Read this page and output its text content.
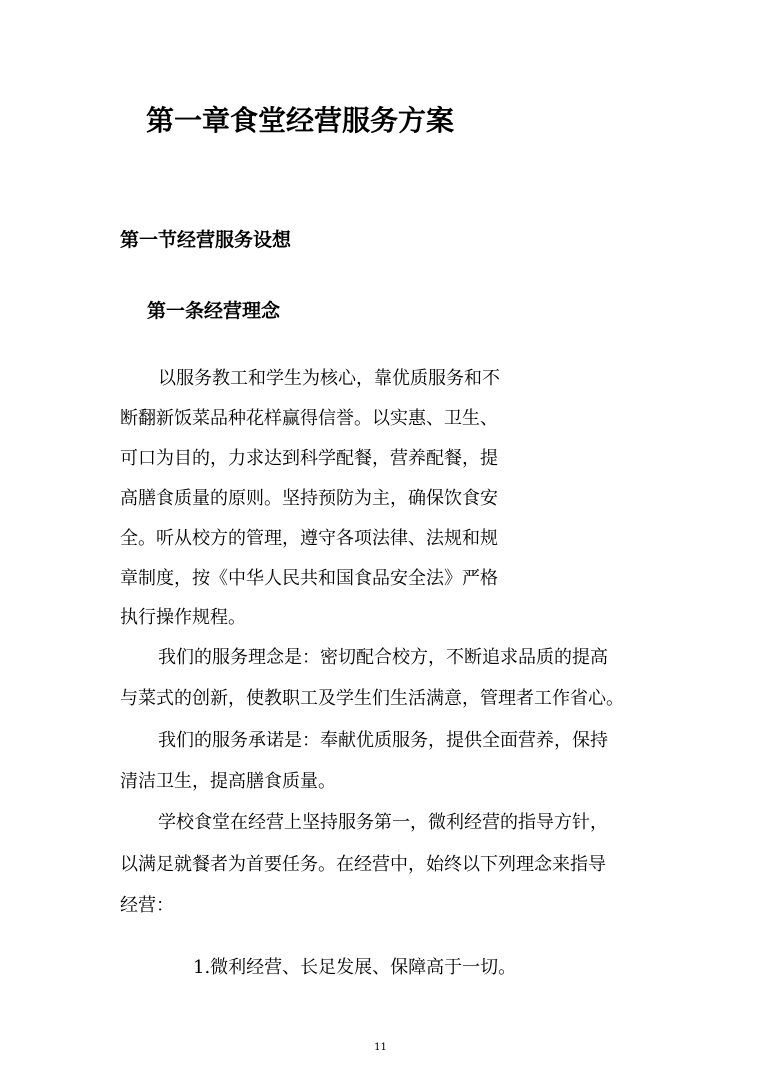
第一章食堂经营服务方案
第一节经营服务设想
第一条经营理念
以服务教工和学生为核心，靠优质服务和不
断翻新饭菜品种花样赢得信誉。以实惠、卫生、
可口为目的，力求达到科学配餐，营养配餐，提
高膳食质量的原则。坚持预防为主，确保饮食安
全。听从校方的管理，遵守各项法律、法规和规
章制度，按《中华人民共和国食品安全法》严格
执行操作规程。
我们的服务理念是：密切配合校方，不断追求品质的提高
与菜式的创新，使教职工及学生们生活满意，管理者工作省心。
我们的服务承诺是：奉献优质服务，提供全面营养，保持
清洁卫生，提高膳食质量。
学校食堂在经营上坚持服务第一，微利经营的指导方针，
以满足就餐者为首要任务。在经营中，始终以下列理念来指导
经营：
1.微利经营、长足发展、保障高于一切。
11
